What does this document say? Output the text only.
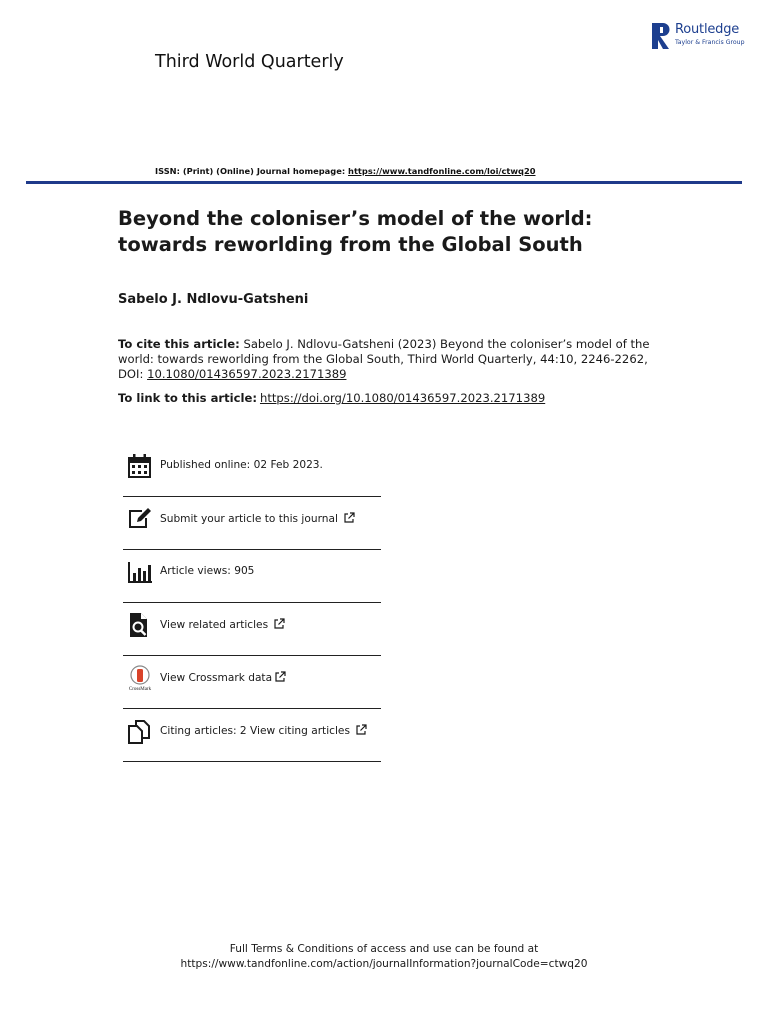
Third World Quarterly
Routledge
Taylor & Francis Group
ISSN: (Print) (Online) Journal homepage: https://www.tandfonline.com/loi/ctwq20
Beyond the coloniser’s model of the world:
towards reworlding from the Global South
Sabelo J. Ndlovu-Gatsheni
To cite this article: Sabelo J. Ndlovu-Gatsheni (2023) Beyond the coloniser’s model of the
world: towards reworlding from the Global South, Third World Quarterly, 44:10, 2246-2262,
DOI: 10.1080/01436597.2023.2171389
To link to this article: https://doi.org/10.1080/01436597.2023.2171389
Published online: 02 Feb 2023.
Submit your article to this journal
Article views: 905
View related articles
CrossMark
View Crossmark data
Citing articles: 2 View citing articles
Full Terms & Conditions of access and use can be found at
https://www.tandfonline.com/action/journalInformation?journalCode=ctwq20
